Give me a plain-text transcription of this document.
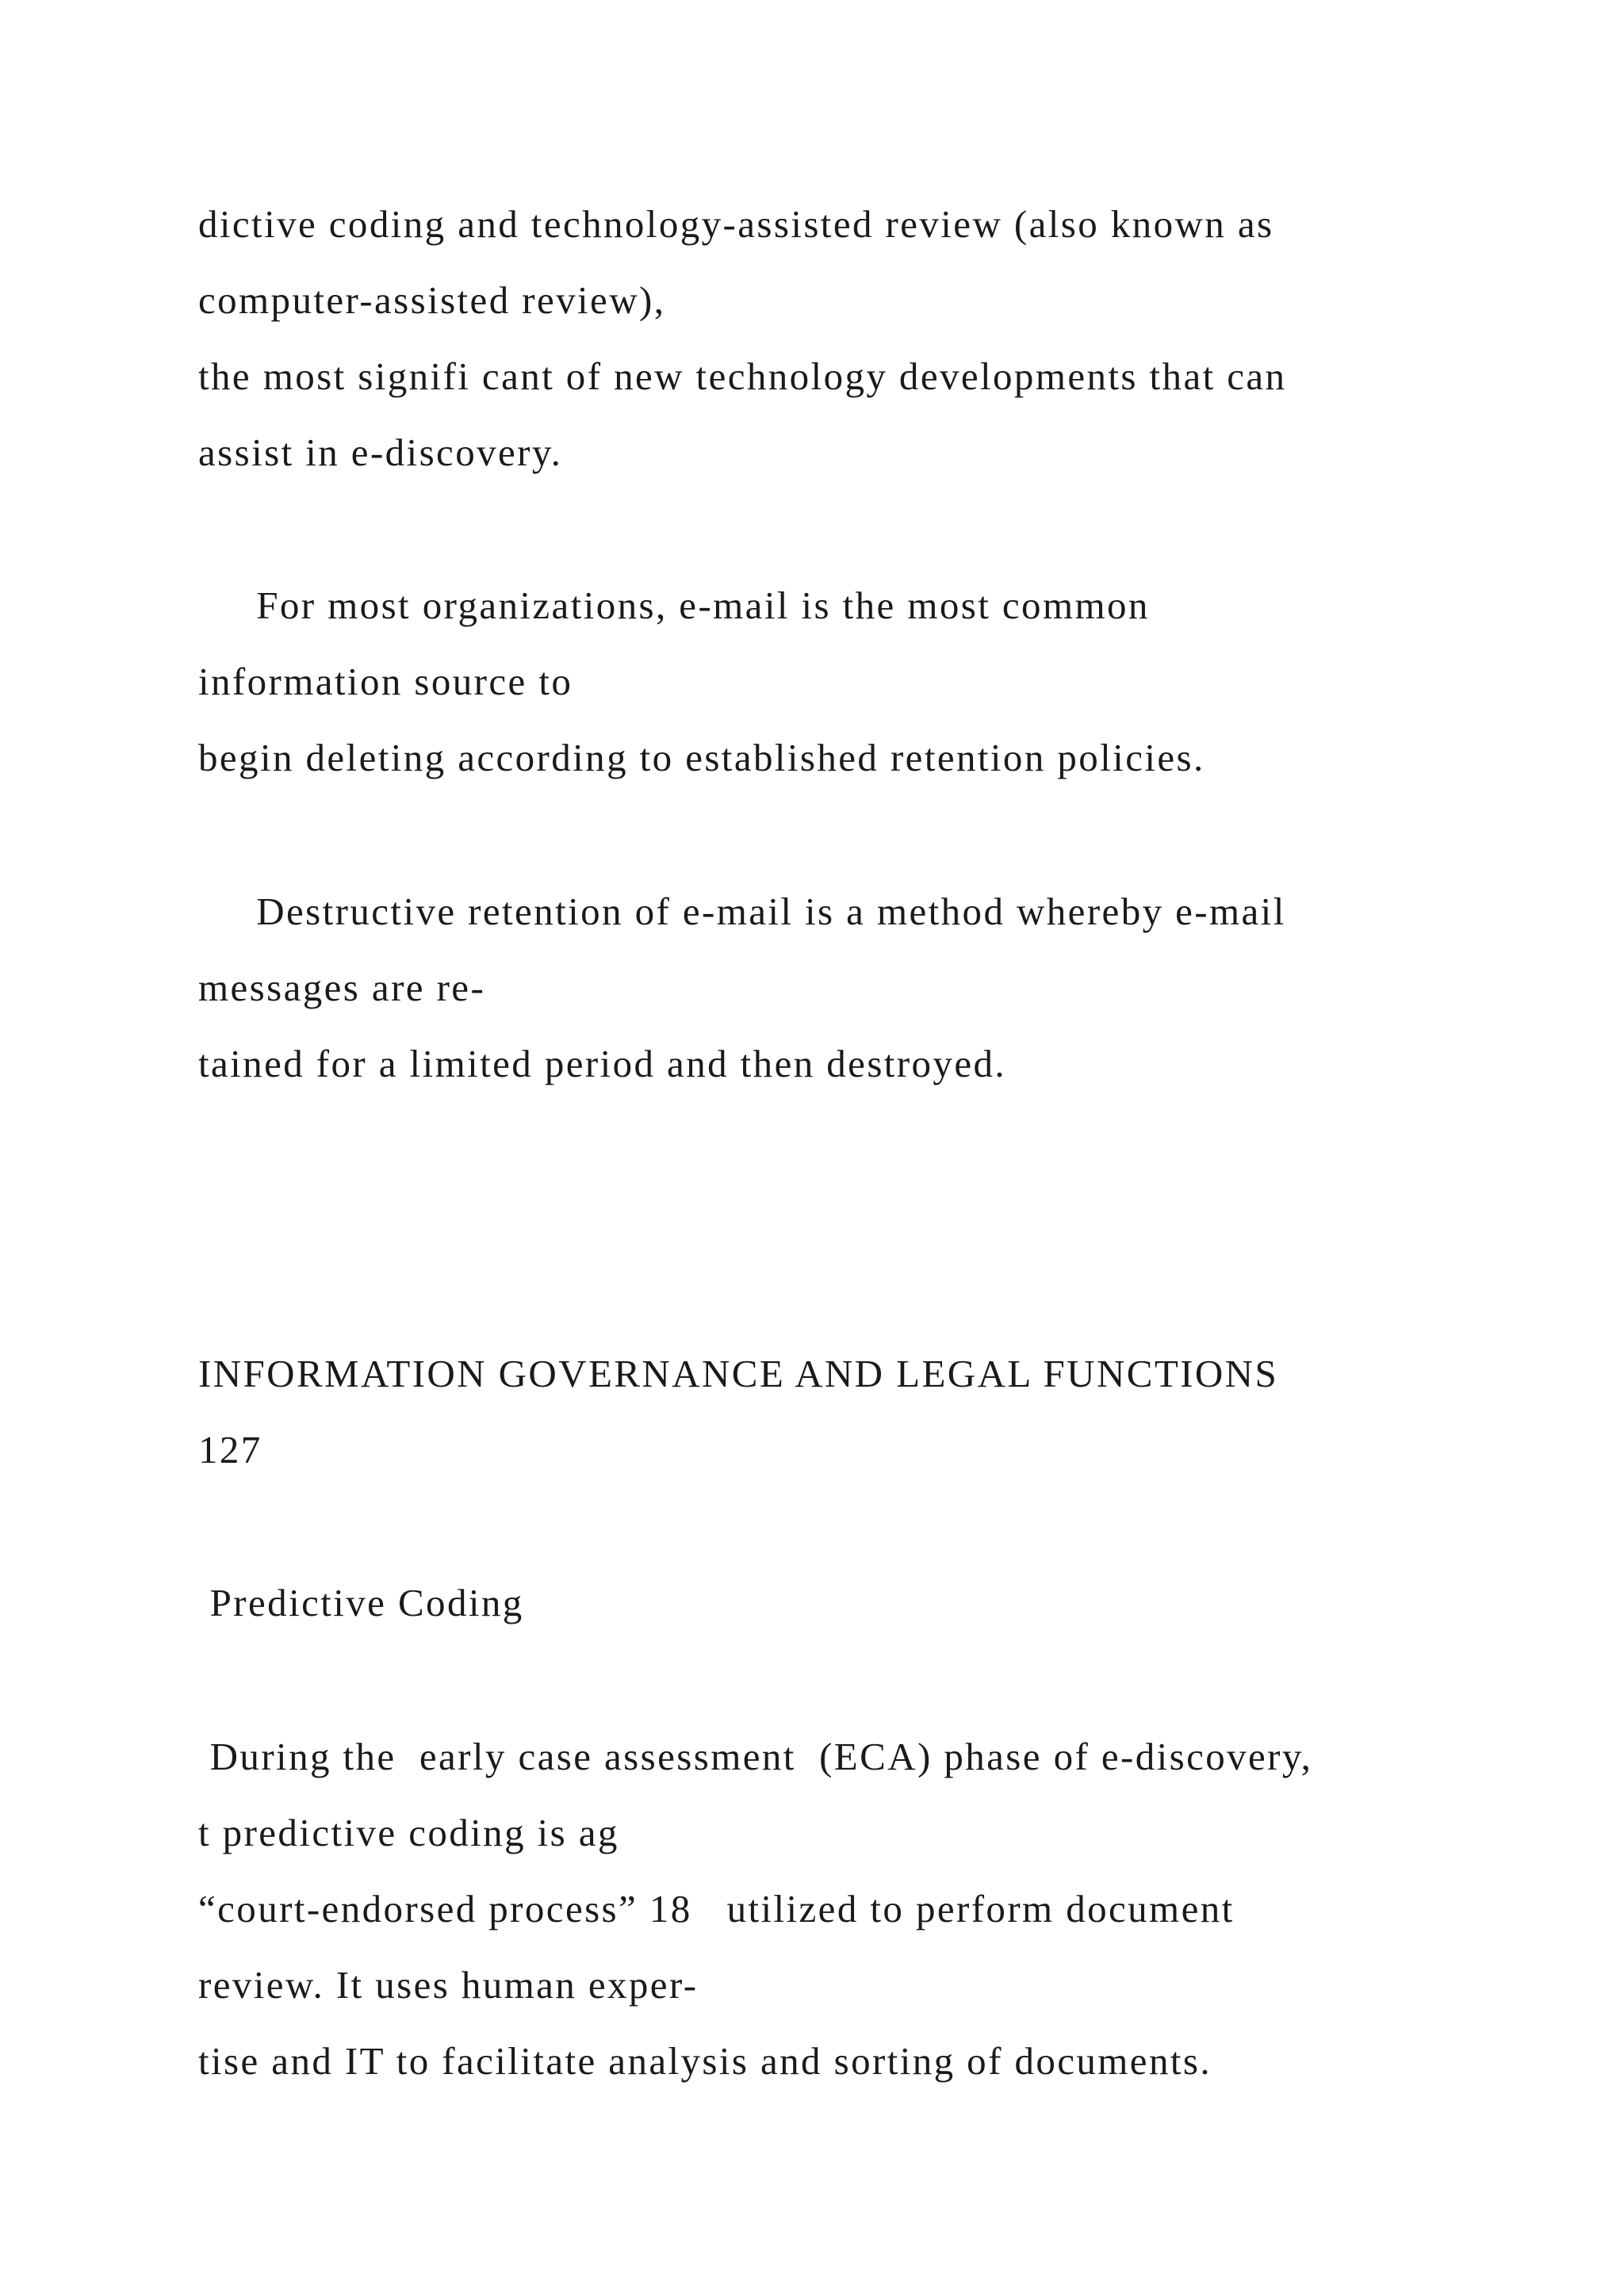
dictive coding and technology-assisted review (also known as

computer-assisted review),

the most signifi cant of new technology developments that can

assist in e-discovery.

For most organizations, e-mail is the most common

information source to

begin deleting according to established retention policies.

Destructive retention of e-mail is a method whereby e-mail

messages are re-

tained for a limited period and then destroyed.

INFORMATION GOVERNANCE AND LEGAL FUNCTIONS

127

Predictive Coding

During the  early case assessment  (ECA) phase of e-discovery,

t predictive coding is ag

“court-endorsed process” 18   utilized to perform document

review. It uses human exper-

tise and IT to facilitate analysis and sorting of documents.
